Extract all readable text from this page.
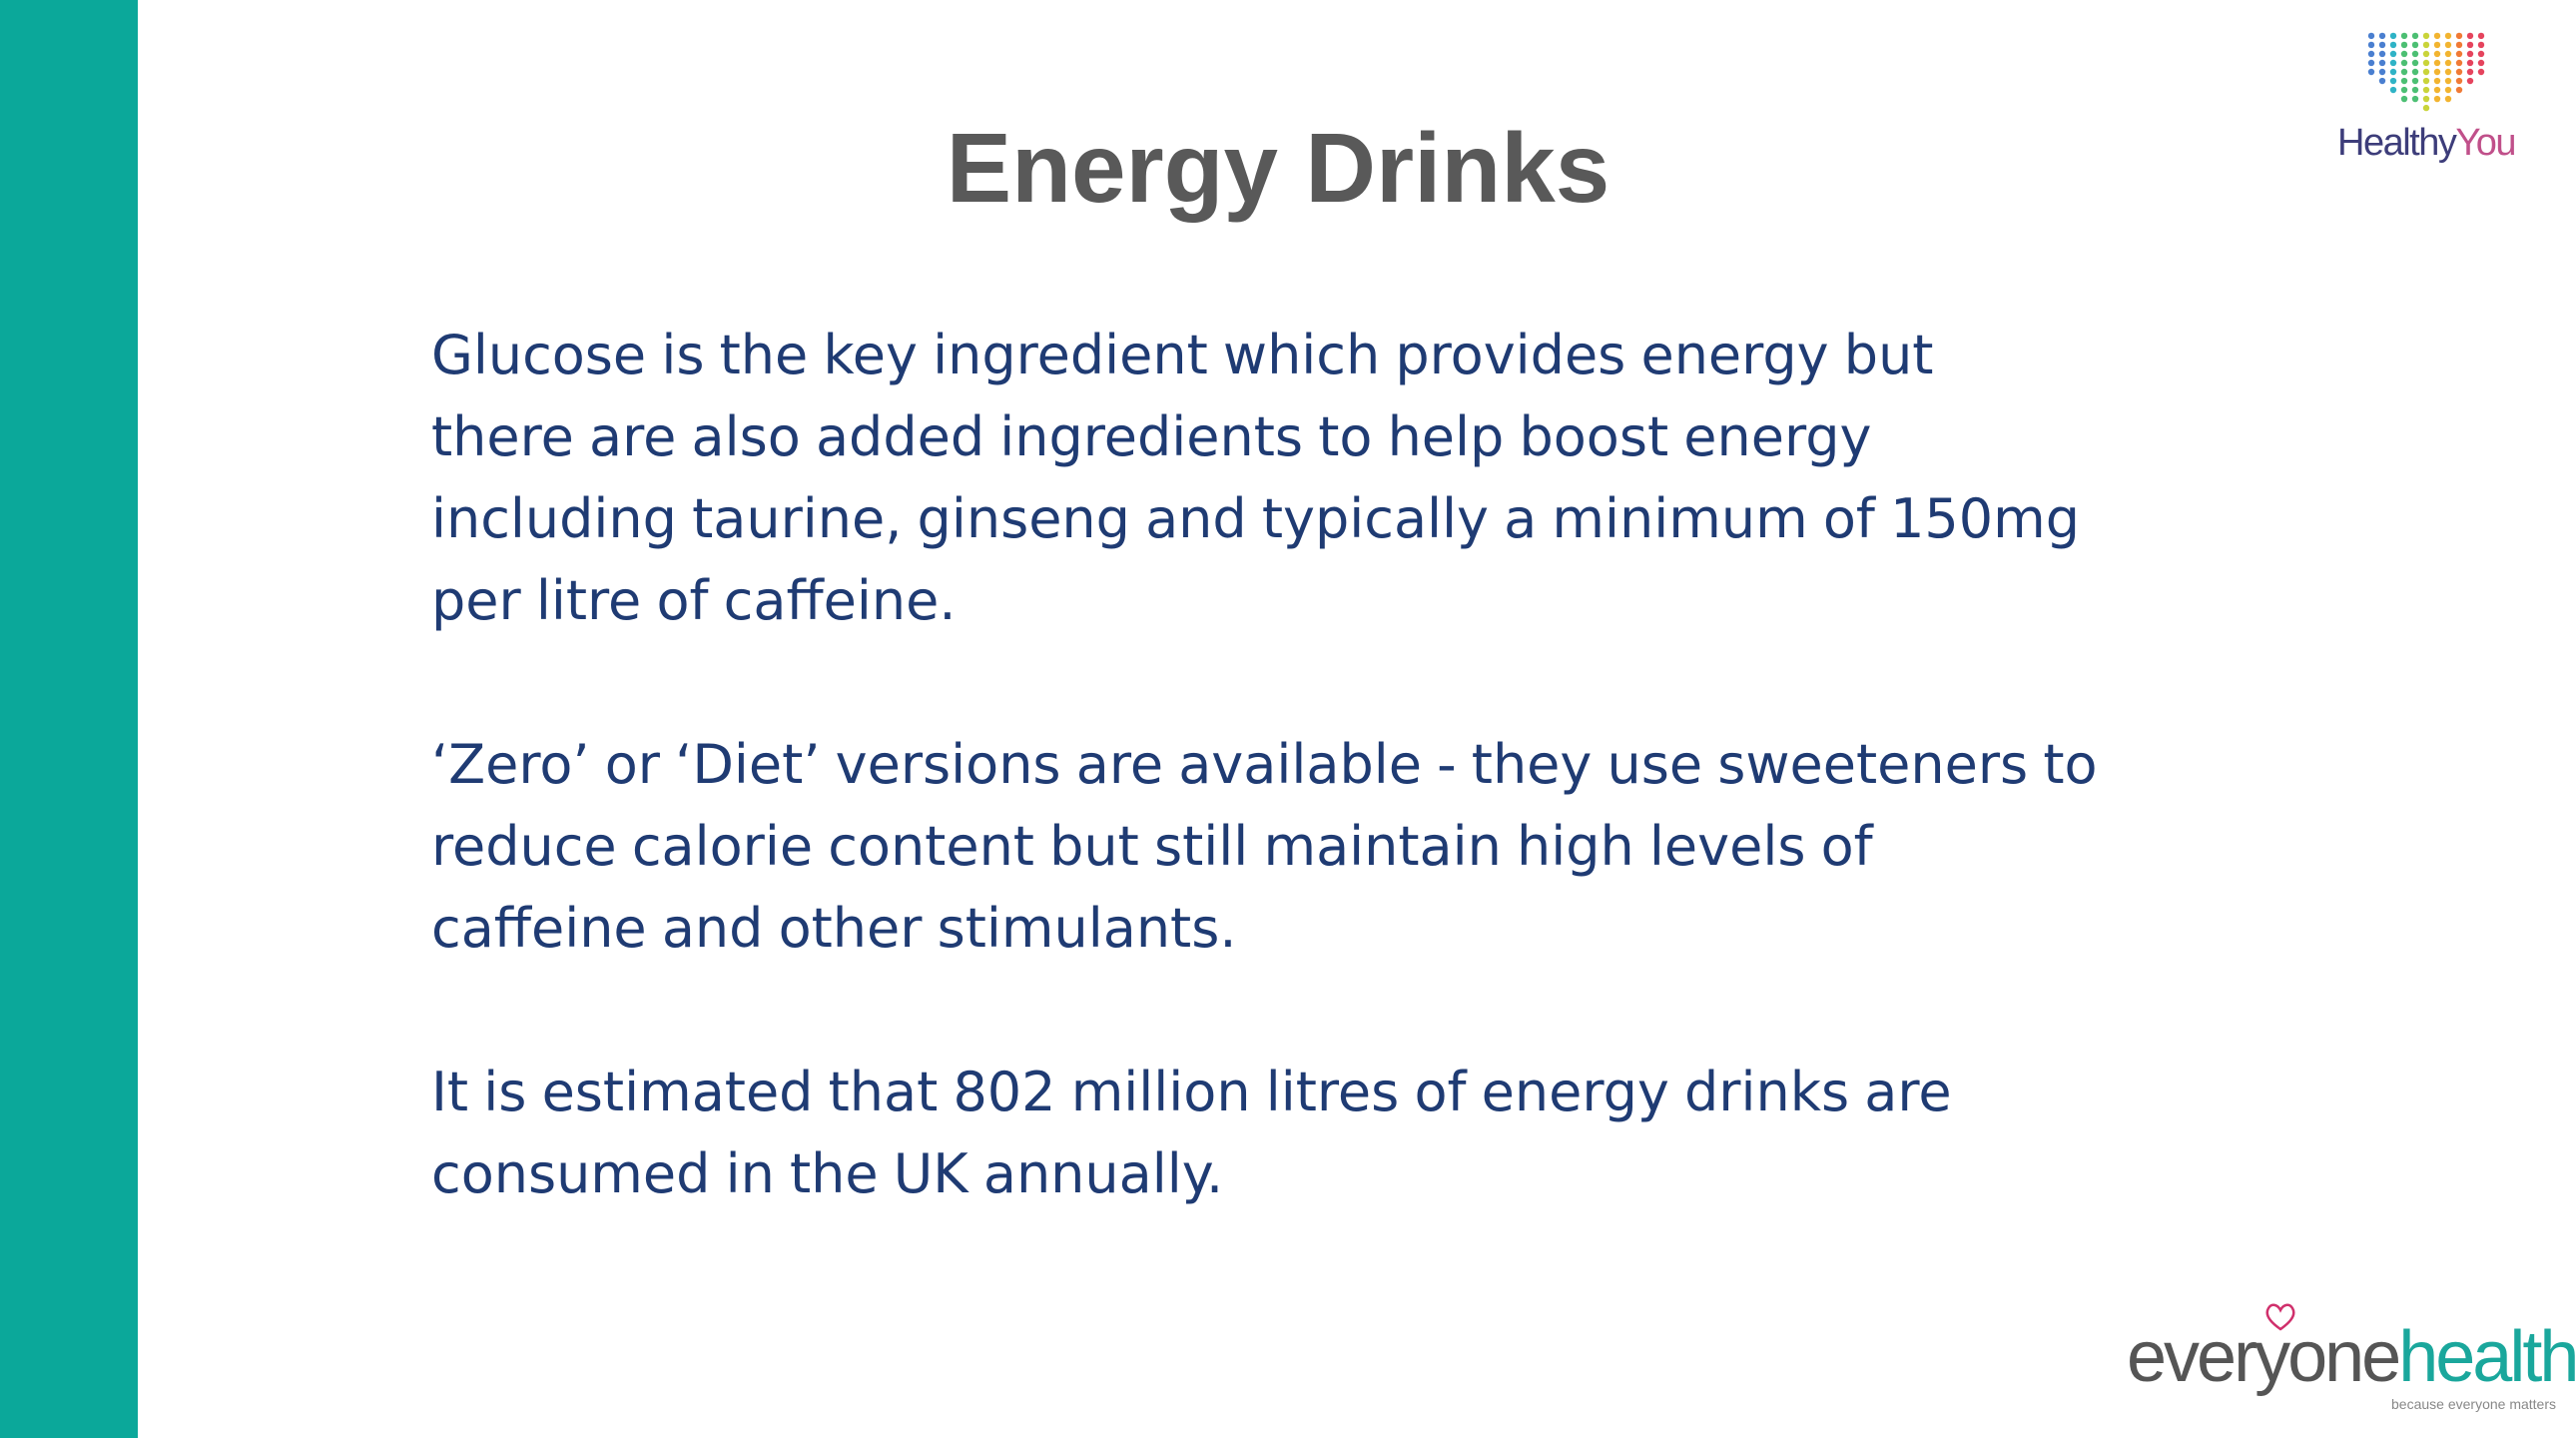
Energy Drinks

Glucose is the key ingredient which provides energy but
there are also added ingredients to help boost energy
including taurine, ginseng and typically a minimum of 150mg
per litre of caffeine.

‘Zero’ or ‘Diet’ versions are available - they use sweeteners to
reduce calorie content but still maintain high levels of
caffeine and other stimulants.

It is estimated that 802 million litres of energy drinks are
consumed in the UK annually.

HealthyYou
everyonehealth
because everyone matters
